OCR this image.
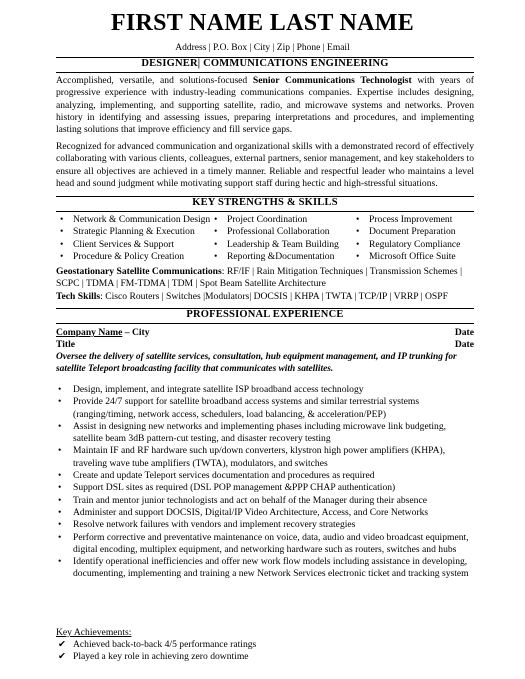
FIRST NAME LAST NAME
Address | P.O. Box | City | Zip | Phone | Email
DESIGNER| COMMUNICATIONS ENGINEERING
Accomplished, versatile, and solutions-focused Senior Communications Technologist with years of progressive experience with industry-leading communications companies. Expertise includes designing, analyzing, implementing, and supporting satellite, radio, and microwave systems and networks. Proven history in identifying and assessing issues, preparing interpretations and procedures, and implementing lasting solutions that improve efficiency and fill service gaps.
Recognized for advanced communication and organizational skills with a demonstrated record of effectively collaborating with various clients, colleagues, external partners, senior management, and key stakeholders to ensure all objectives are achieved in a timely manner. Reliable and respectful leader who maintains a level head and sound judgment while motivating support staff during hectic and high-stressful situations.
KEY STRENGTHS & SKILLS
• Network & Communication Design
• Strategic Planning & Execution
• Client Services & Support
• Procedure & Policy Creation
• Project Coordination
• Professional Collaboration
• Leadership & Team Building
• Reporting &Documentation
• Process Improvement
• Document Preparation
• Regulatory Compliance
• Microsoft Office Suite
Geostationary Satellite Communications: RF/IF | Rain Mitigation Techniques | Transmission Schemes |
SCPC | TDMA | FM-TDMA | TDM | Spot Beam Satellite Architecture
Tech Skills: Cisco Routers | Switches |Modulators| DOCSIS | KHPA | TWTA | TCP/IP | VRRP | OSPF
PROFESSIONAL EXPERIENCE
Company Name – City	Date
Title	Date
Oversee the delivery of satellite services, consultation, hub equipment management, and IP trunking for satellite Teleport broadcasting facility that communicates with satellites.
• Design, implement, and integrate satellite ISP broadband access technology
• Provide 24/7 support for satellite broadband access systems and similar terrestrial systems (ranging/timing, network access, schedulers, load balancing, & acceleration/PEP)
• Assist in designing new networks and implementing phases including microwave link budgeting, satellite beam 3dB pattern-cut testing, and disaster recovery testing
• Maintain IF and RF hardware such up/down converters, klystron high power amplifiers (KHPA), traveling wave tube amplifiers (TWTA), modulators, and switches
• Create and update Teleport services documentation and procedures as required
• Support DSL sites as required (DSL POP management &PPP CHAP authentication)
• Train and mentor junior technologists and act on behalf of the Manager during their absence
• Administer and support DOCSIS, Digital/IP Video Architecture, Access, and Core Networks
• Resolve network failures with vendors and implement recovery strategies
• Perform corrective and preventative maintenance on voice, data, audio and video broadcast equipment, digital encoding, multiplex equipment, and networking hardware such as routers, switches and hubs
• Identify operational inefficiencies and offer new work flow models including assistance in developing, documenting, implementing and training a new Network Services electronic ticket and tracking system
Key Achievements:
✔ Achieved back-to-back 4/5 performance ratings
✔ Played a key role in achieving zero downtime
